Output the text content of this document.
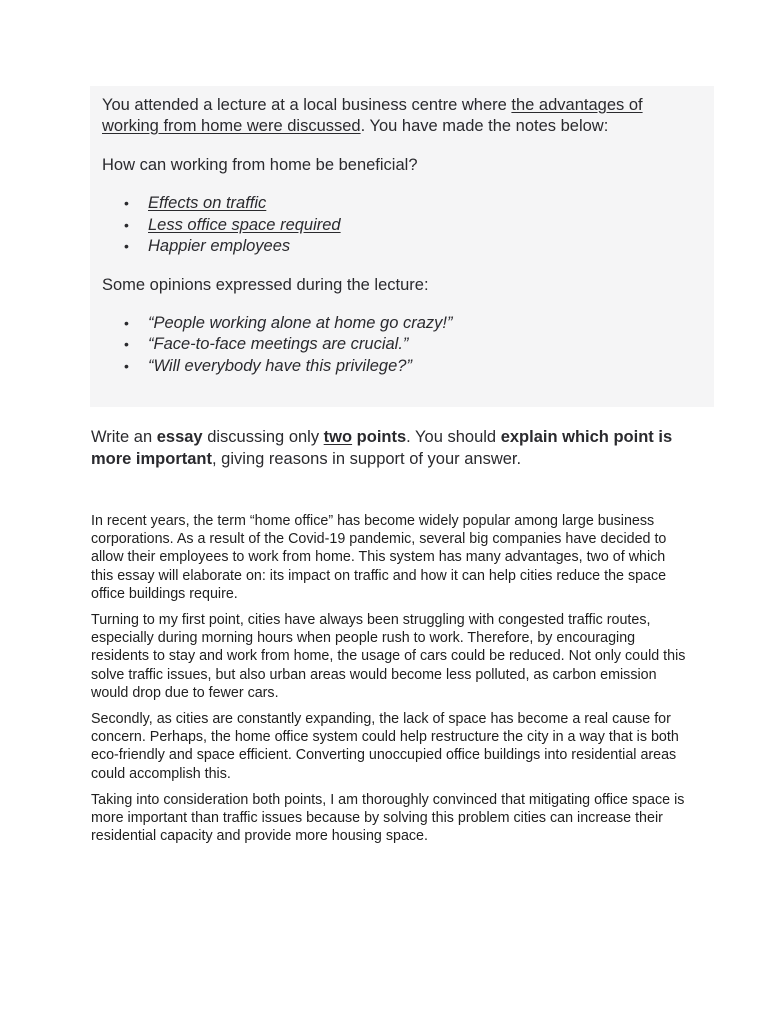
You attended a lecture at a local business centre where the advantages of working from home were discussed. You have made the notes below:

How can working from home be beneficial?

• Effects on traffic
• Less office space required
• Happier employees

Some opinions expressed during the lecture:

• “People working alone at home go crazy!”
• “Face-to-face meetings are crucial.”
• “Will everybody have this privilege?”

Write an essay discussing only two points. You should explain which point is more important, giving reasons in support of your answer.

In recent years, the term “home office” has become widely popular among large business corporations. As a result of the Covid-19 pandemic, several big companies have decided to allow their employees to work from home. This system has many advantages, two of which this essay will elaborate on: its impact on traffic and how it can help cities reduce the space office buildings require.

Turning to my first point, cities have always been struggling with congested traffic routes, especially during morning hours when people rush to work. Therefore, by encouraging residents to stay and work from home, the usage of cars could be reduced. Not only could this solve traffic issues, but also urban areas would become less polluted, as carbon emission would drop due to fewer cars.

Secondly, as cities are constantly expanding, the lack of space has become a real cause for concern. Perhaps, the home office system could help restructure the city in a way that is both eco-friendly and space efficient. Converting unoccupied office buildings into residential areas could accomplish this.

Taking into consideration both points, I am thoroughly convinced that mitigating office space is more important than traffic issues because by solving this problem cities can increase their residential capacity and provide more housing space.
